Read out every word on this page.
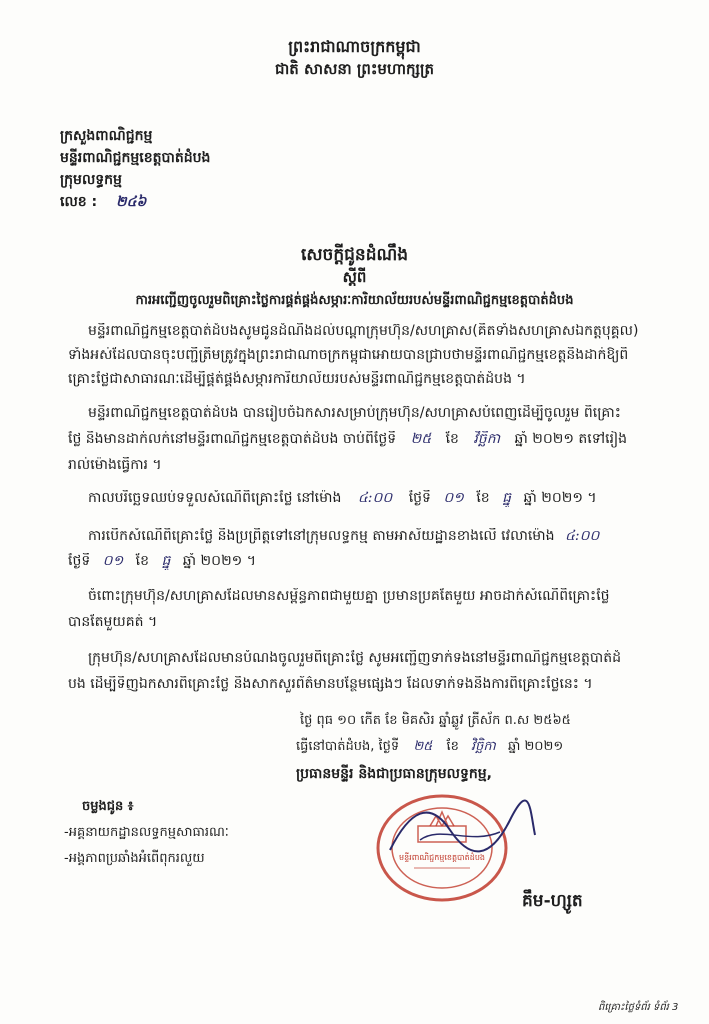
ព្រះរាជាណាចក្រកម្ពុជា
ជាតិ សាសនា ព្រះមហាក្សត្រ
ក្រសួងពាណិជ្ជកម្ម
មន្ទីរពាណិជ្ជកម្មខេត្តបាត់ដំបង
ក្រុមលទ្ធកម្ម
លេខ : ២៤៦
សេចក្តីជូនដំណឹង
ស្តីពី
ការអញ្ជើញចូលរួមពិគ្រោះថ្លៃការផ្គត់ផ្គង់សម្ភារៈការិយាល័យរបស់មន្ទីរពាណិជ្ជកម្មខេត្តបាត់ដំបង
មន្ទីរពាណិជ្ជកម្មខេត្តបាត់ដំបងសូមជូនដំណឹងដល់បណ្តាក្រុមហ៊ុន/សហគ្រាស(គិតទាំងសហគ្រាសឯកត្តបុគ្គល)
ទាំងអស់ដែលបានចុះបញ្ជីត្រឹមត្រូវក្នុងព្រះរាជាណាចក្រកម្ពុជាអោយបានជ្រាបថាមន្ទីរពាណិជ្ជកម្មខេត្តនឹងដាក់ឱ្យពិ
គ្រោះថ្លៃជាសាធារណៈដើម្បីផ្គត់ផ្គង់សម្ភារការិយាល័យរបស់មន្ទីរពាណិជ្ជកម្មខេត្តបាត់ដំបង ។
មន្ទីរពាណិជ្ជកម្មខេត្តបាត់ដំបង បានរៀបចំឯកសារសម្រាប់ក្រុមហ៊ុន/សហគ្រាសបំពេញដើម្បីចូលរួម ពិគ្រោះ
ថ្លៃ និងមានដាក់លក់នៅមន្ទីរពាណិជ្ជកម្មខេត្តបាត់ដំបង ចាប់ពីថ្ងៃទី ២៥ ខែ វិច្ឆិកា ឆ្នាំ ២០២១ តទៅរៀង
រាល់ម៉ោងធ្វើការ ។
កាលបរិច្ឆេទឈប់ទទួលសំណើពិគ្រោះថ្លៃ នៅម៉ោង ៤:០០ ថ្ងៃទី ០១ ខែ ធ្នូ ឆ្នាំ ២០២១ ។
ការបើកសំណើពិគ្រោះថ្លៃ នឹងប្រព្រឹត្តទៅនៅក្រុមលទ្ធកម្ម តាមអាស័យដ្ឋានខាងលើ វេលាម៉ោង ៤:០០
ថ្ងៃទី ០១ ខែ ធ្នូ ឆ្នាំ ២០២១ ។
ចំពោះក្រុមហ៊ុន/សហគ្រាសដែលមានសម្ព័ន្ធភាពជាមួយគ្នា ប្រមានប្រគតែមួយ អាចដាក់សំណើពិគ្រោះថ្លៃ
បានតែមួយគត់ ។
ក្រុមហ៊ុន/សហគ្រាសដែលមានបំណងចូលរួមពិគ្រោះថ្លៃ សូមអញ្ជើញទាក់ទងនៅមន្ទីរពាណិជ្ជកម្មខេត្តបាត់ដំ
បង ដើម្បីទិញឯកសារពិគ្រោះថ្លៃ និងសាកសួរព័ត៌មានបន្ថែមផ្សេងៗ ដែលទាក់ទងនឹងការពិគ្រោះថ្លៃនេះ ។
ថ្ងៃ ពុធ ១០ កើត ខែ មិគសិរ ឆ្នាំឆ្លូវ ត្រីស័ក ព.ស ២៥៦៥
ធ្វើនៅបាត់ដំបង, ថ្ងៃទី ២៥ ខែ វិច្ឆិកា ឆ្នាំ ២០២១
ប្រធានមន្ទីរ និងជាប្រធានក្រុមលទ្ធកម្ម,
មន្ទីរពាណិជ្ជកម្មខេត្តបាត់ដំបង
គឹម-ហ្សូត
ចម្លងជូន ៖
-អគ្គនាយកដ្ឋានលទ្ធកម្មសាធារណៈ
-អង្គភាពប្រឆាំងអំពើពុករលួយ
ពិគ្រោះថ្លៃទំព័រ ទំព័រ 3
